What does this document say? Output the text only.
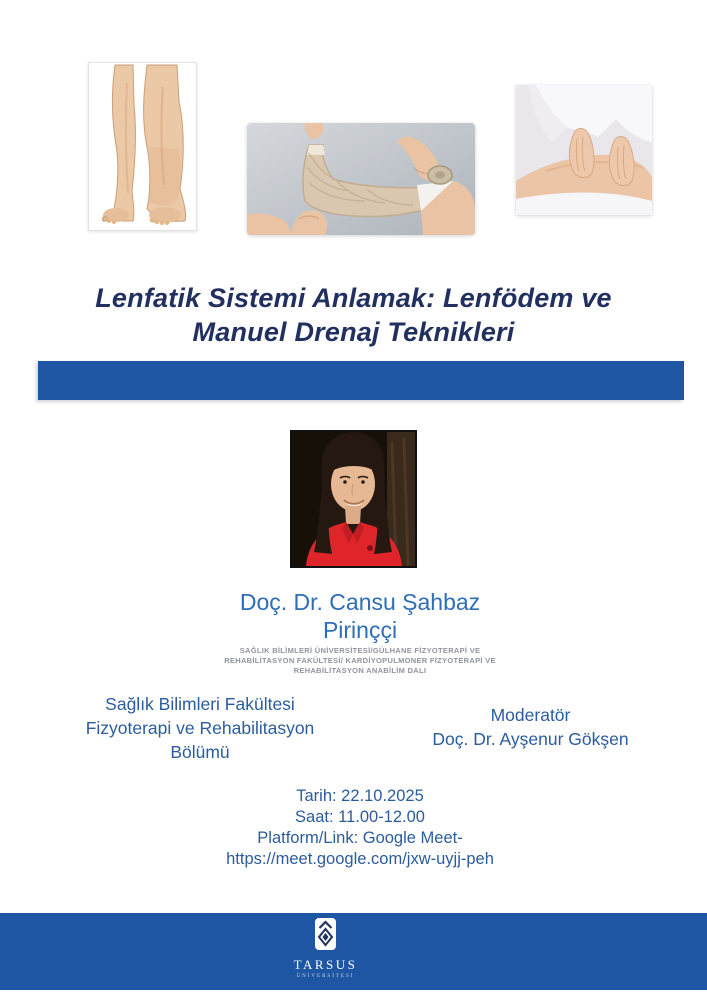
Lenfatik Sistemi Anlamak: Lenfödem ve
Manuel Drenaj Teknikleri
Doç. Dr. Cansu Şahbaz
Pirinççi
SAĞLIK BİLİMLERİ ÜNİVERSİTESİ/GÜLHANE FİZYOTERAPİ VE
REHABİLİTASYON FAKÜLTESİ/ KARDİYOPULMONER FİZYOTERAPİ VE
REHABİLİTASYON ANABİLİM DALI
Sağlık Bilimleri Fakültesi
Fizyoterapi ve Rehabilitasyon
Bölümü
Moderatör
Doç. Dr. Ayşenur Gökşen
Tarih: 22.10.2025
Saat: 11.00-12.00
Platform/Link: Google Meet-
https://meet.google.com/jxw-uyjj-peh
TARSUS
ÜNİVERSİTESİ
